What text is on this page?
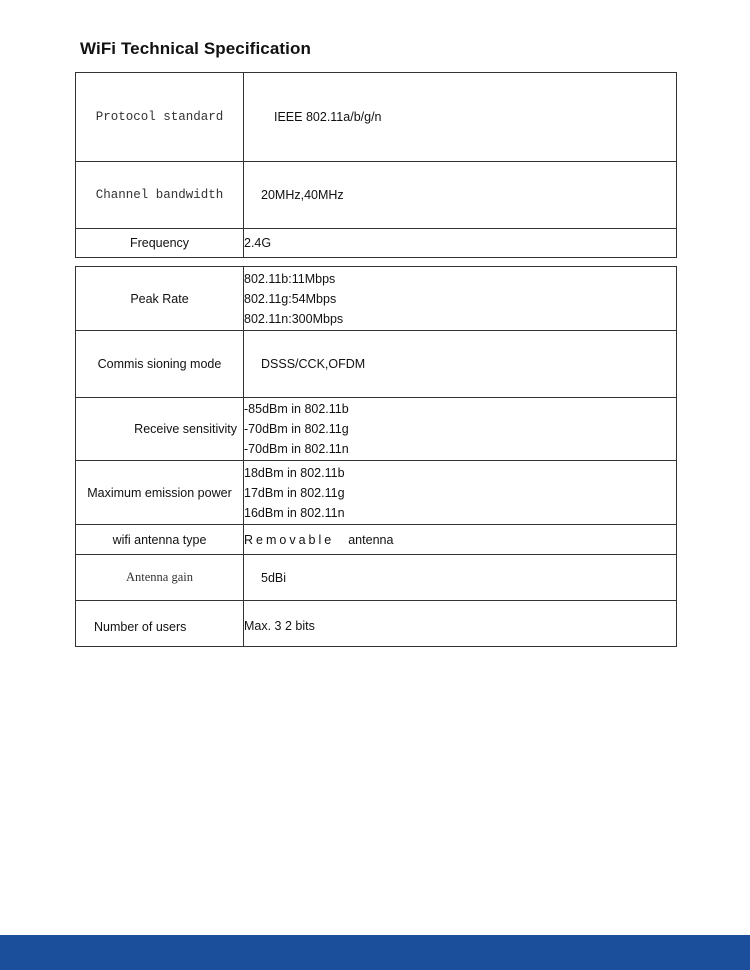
WiFi Technical Specification
Protocol standard	IEEE 802.11a/b/g/n
Channel bandwidth	20MHz,40MHz
Frequency	2.4G
Peak Rate	802.11b:11Mbps
802.11g:54Mbps
802.11n:300Mbps

Commis sioning mode	DSSS/CCK,OFDM
Receive sensitivity	-85dBm in 802.11b
-70dBm in 802.11g
-70dBm in 802.11n

Maximum emission power	18dBm in 802.11b
17dBm in 802.11g
16dBm in 802.11n

wifi antenna type	Removable antenna
Antenna gain	5dBi
Number of users	Max. 3 2 bits
